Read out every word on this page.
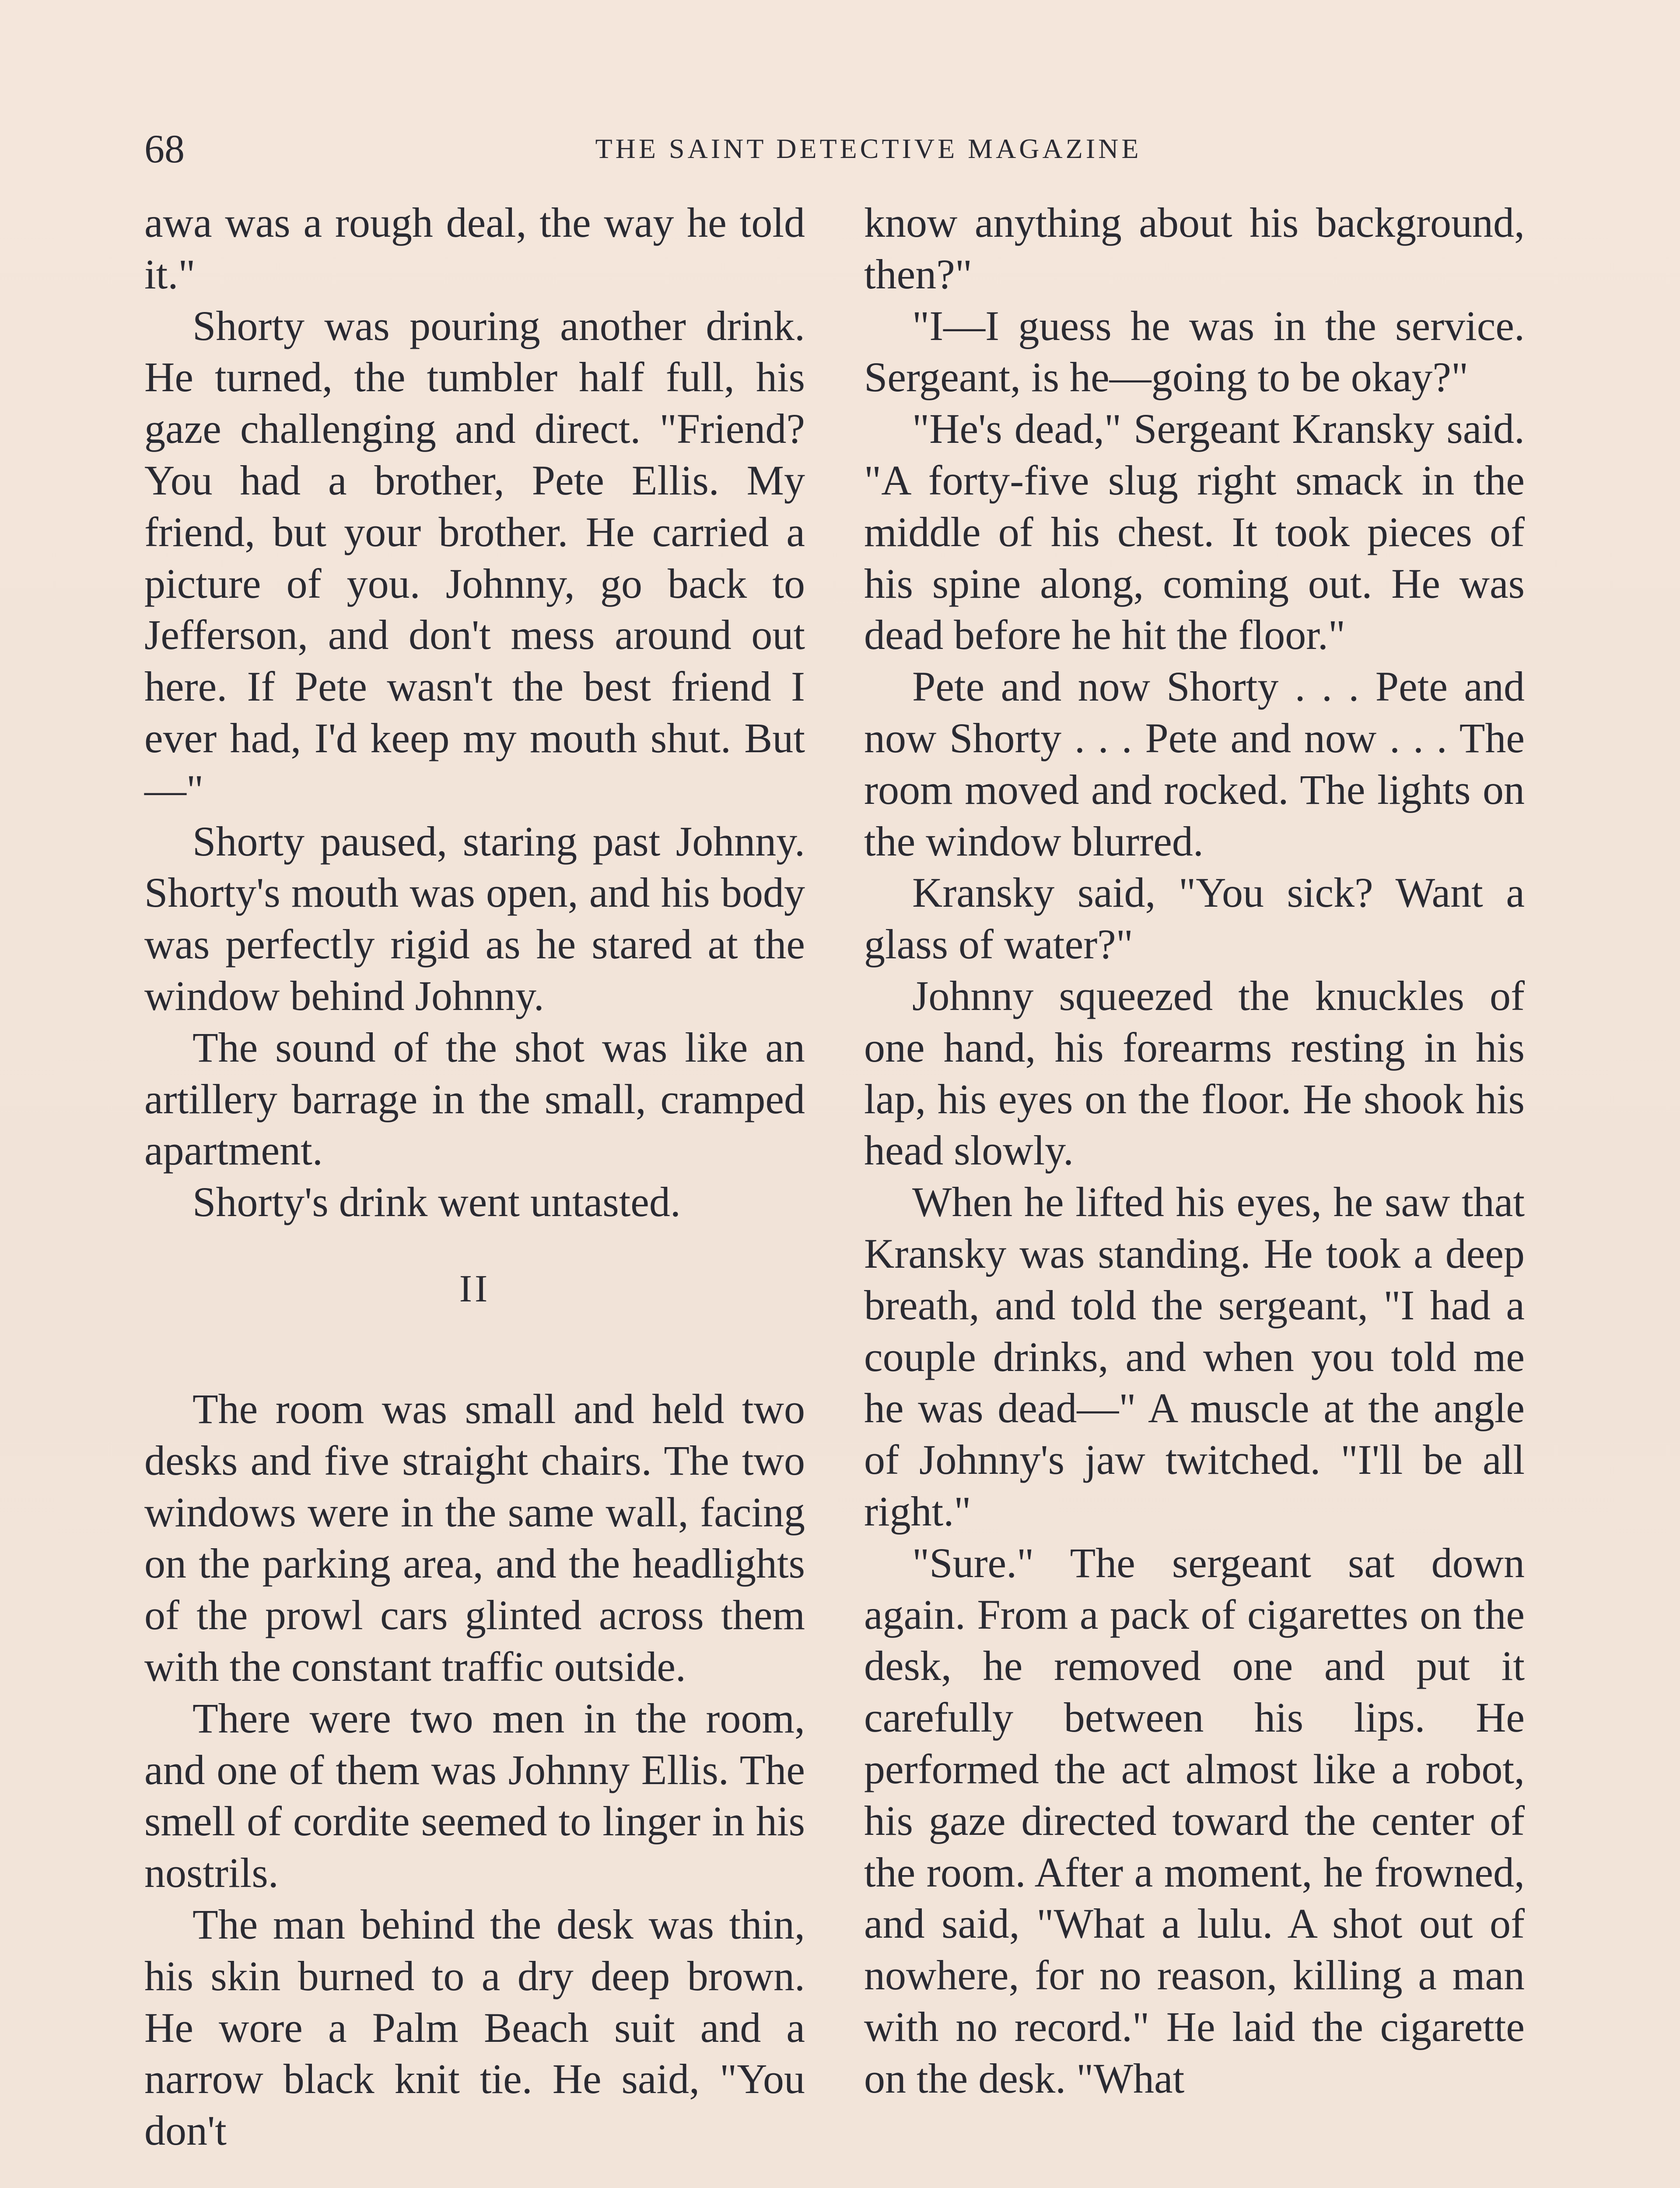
68	THE SAINT DETECTIVE MAGAZINE

awa was a rough deal, the way he told it."

Shorty was pouring another drink. He turned, the tumbler half full, his gaze challenging and direct. "Friend? You had a brother, Pete Ellis. My friend, but your brother. He carried a picture of you. Johnny, go back to Jefferson, and don't mess around out here. If Pete wasn't the best friend I ever had, I'd keep my mouth shut. But—"

Shorty paused, staring past Johnny. Shorty's mouth was open, and his body was perfectly rigid as he stared at the window behind Johnny.

The sound of the shot was like an artillery barrage in the small, cramped apartment.

Shorty's drink went untasted.

II

The room was small and held two desks and five straight chairs. The two windows were in the same wall, facing on the parking area, and the headlights of the prowl cars glinted across them with the constant traffic outside.

There were two men in the room, and one of them was Johnny Ellis. The smell of cordite seemed to linger in his nostrils.

The man behind the desk was thin, his skin burned to a dry deep brown. He wore a Palm Beach suit and a narrow black knit tie. He said, "You don't

know anything about his background, then?"

"I—I guess he was in the service. Sergeant, is he—going to be okay?"

"He's dead," Sergeant Kransky said. "A forty-five slug right smack in the middle of his chest. It took pieces of his spine along, coming out. He was dead before he hit the floor."

Pete and now Shorty . . . Pete and now Shorty . . . Pete and now . . . The room moved and rocked. The lights on the window blurred.

Kransky said, "You sick? Want a glass of water?"

Johnny squeezed the knuckles of one hand, his forearms resting in his lap, his eyes on the floor. He shook his head slowly.

When he lifted his eyes, he saw that Kransky was standing. He took a deep breath, and told the sergeant, "I had a couple drinks, and when you told me he was dead—" A muscle at the angle of Johnny's jaw twitched. "I'll be all right."

"Sure." The sergeant sat down again. From a pack of cigarettes on the desk, he removed one and put it carefully between his lips. He performed the act almost like a robot, his gaze directed toward the center of the room. After a moment, he frowned, and said, "What a lulu. A shot out of nowhere, for no reason, killing a man with no record." He laid the cigarette on the desk. "What
